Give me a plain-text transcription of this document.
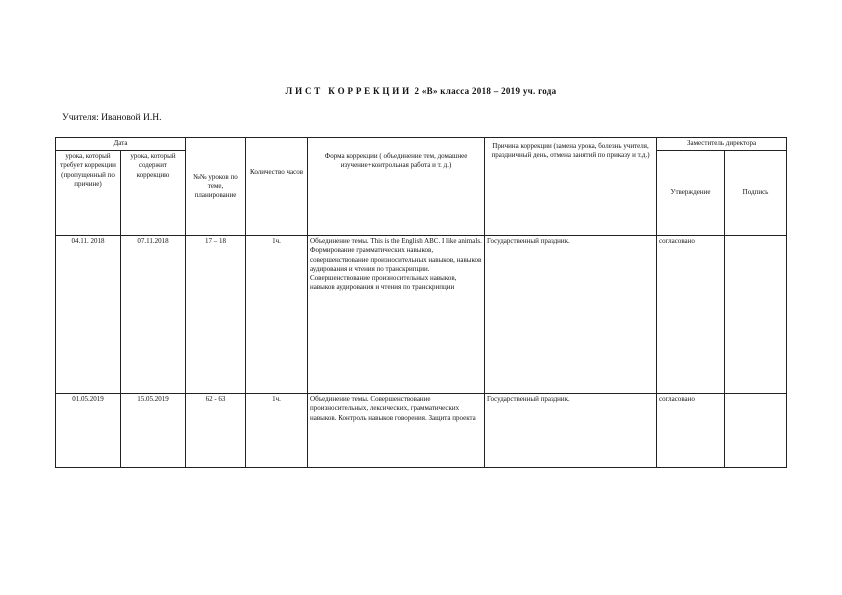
Л И С Т   К О Р Р Е К Ц И И  2 «В» класса 2018 – 2019 уч. года
Учителя: Ивановой И.Н.
Дата		№№ уроков по теме, планирование	Количество часов	Форма коррекции ( объединение тем, домашнее изучение+контрольная работа и т. д.)	Причина коррекции (замена урока, болезнь учителя, праздничный день, отмена занятий по приказу и т.д.)	Заместитель директора	
урока, который требует коррекции (пропущенный по причине)	урока, который содержит коррекцию					Утверждение	Подпись
04.11. 2018	07.11.2018	17 – 18	1ч.	Объединение темы. This is the English ABC. I like animals. Формирование грамматических навыков, совершенствование произносительных навыков, навыков аудирования и чтения по транскрипции. Совершенствование произносительных навыков, навыков аудирования и чтения по транскрипции	Государственный праздник.	согласовано	
01.05.2019	15.05.2019	62 - 63	1ч.	Объединение темы. Совершенствование произносительных, лексических, грамматических навыков. Контроль навыков говорения. Защита проекта	Государственный праздник.	согласовано	
